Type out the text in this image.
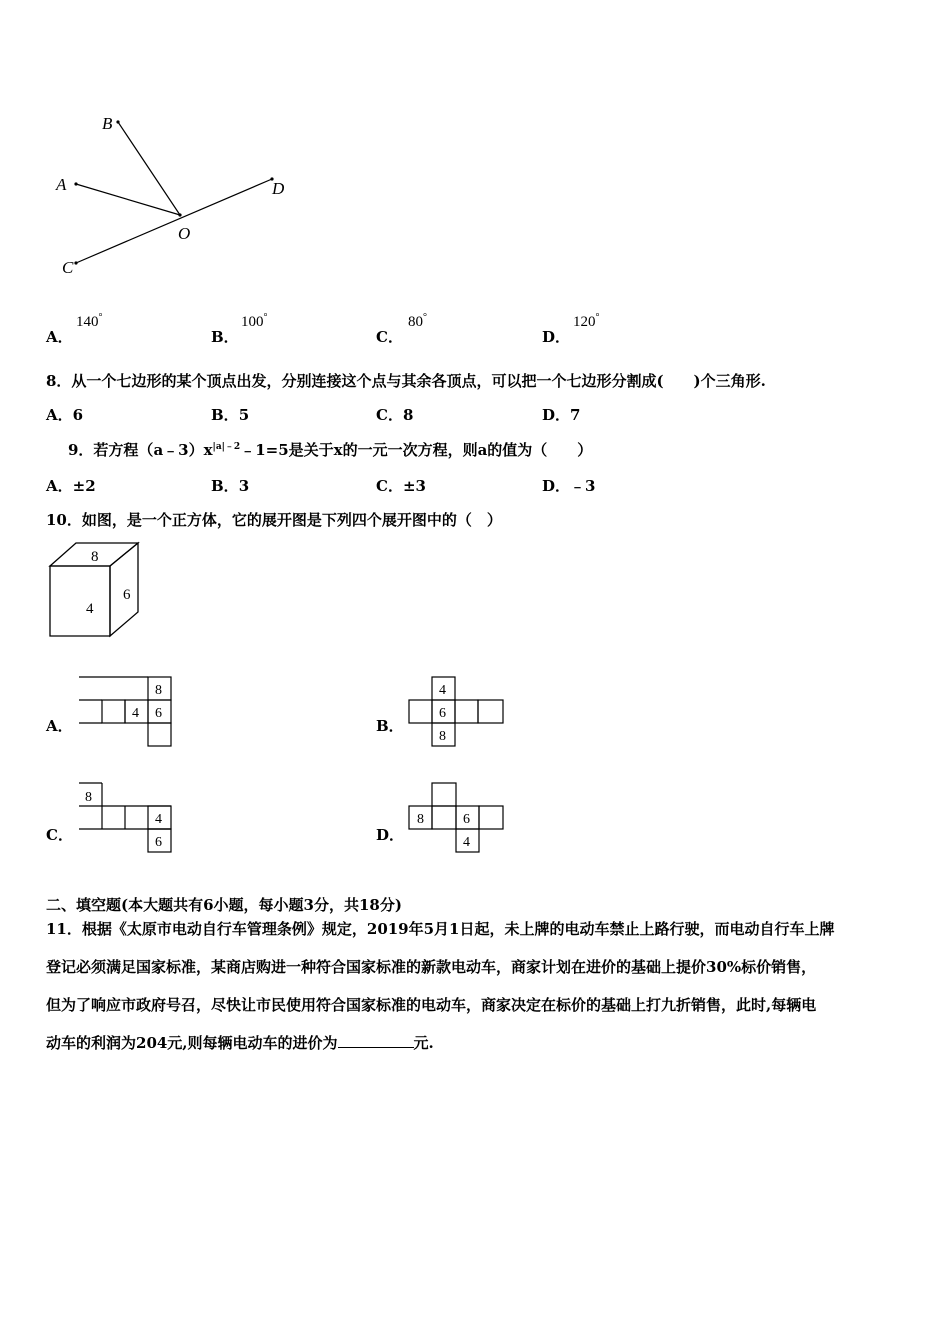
B
A	D
O
C
A．
140°
B．
100°
C．
80°
D．
120°
8．从一个七边形的某个顶点出发，分别连接这个点与其余各顶点，可以把一个七边形分割成(　　)个三角形.
A．6	B．5	C．8	D．7
9．若方程$(a﹣3)x^{|a|﹣2}﹣1=5$是关于x的一元一次方程，则a的值为（　　）
A．±2	B．3	C．±3	D．﹣3
10．如图，是一个正方体，它的展开图是下列四个展开图中的（　）
8
4
6
A．
8
4 6
B．
4
6
8
C．
8
4
6	D．
8	6
4
二、填空题(本大题共有6小题，每小题3分，共18分)
11．根据《太原市电动自行车管理条例》规定，2019年5月1日起，未上牌的电动车禁止上路行驶，而电动自行车上牌
登记必须满足国家标准，某商店购进一种符合国家标准的新款电动车，商家计划在进价的基础上提价30%标价销售，
但为了响应市政府号召，尽快让市民使用符合国家标准的电动车，商家决定在标价的基础上打九折销售，此时,每辆电
动车的利润为204元,则每辆电动车的进价为	元.
